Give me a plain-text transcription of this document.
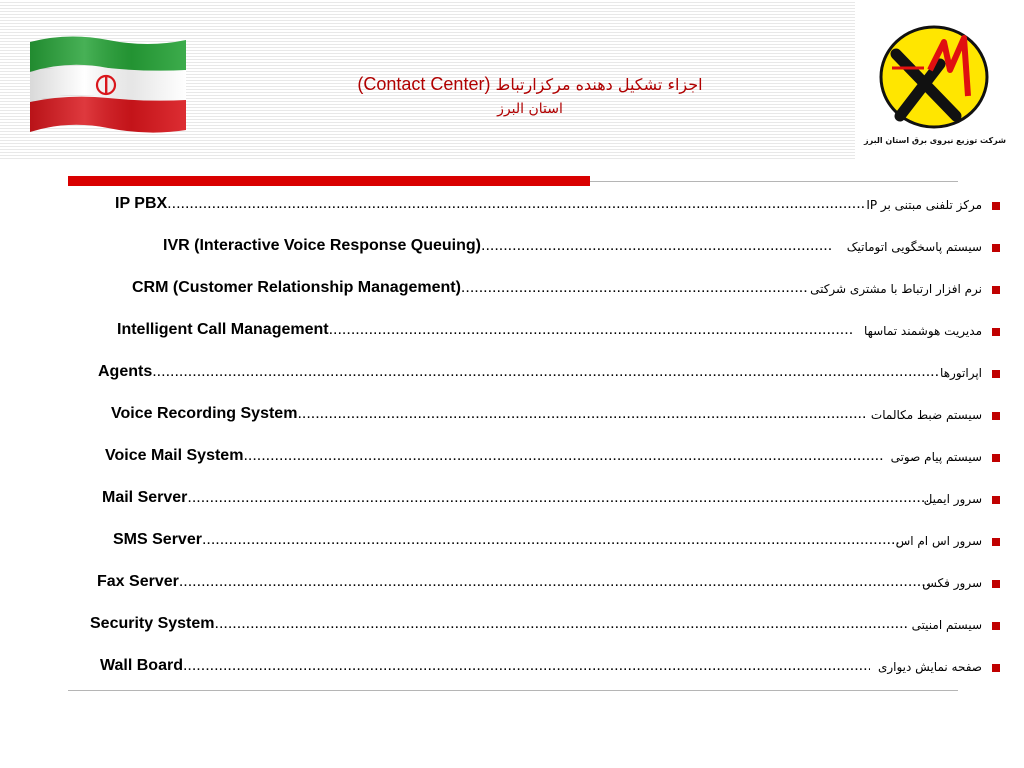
شرکت توزیع نیروی برق استان البرز
اجزاء تشکیل دهنده مرکزارتباط (Contact Center)
استان البرز
مرکز تلفنی مبتنی بر IP
IP PBX .....
سیستم پاسخگویی اتوماتیک
IVR (Interactive Voice Response Queuing) .....
نرم افزار ارتباط با مشتری شرکتی
CRM (Customer Relationship Management) .....
مدیریت هوشمند تماسها
Intelligent Call Management .....
اپراتورها
Agents .....
سیستم ضبط مکالمات
Voice Recording System .....
سیستم پیام صوتی
Voice Mail System .....
سرور ایمیل
Mail Server .....
سرور اس ام اس
SMS Server .....
سرور فکس
Fax Server .....
سیستم امنیتی
Security System .....
صفحه نمایش دیواری
Wall Board .....
